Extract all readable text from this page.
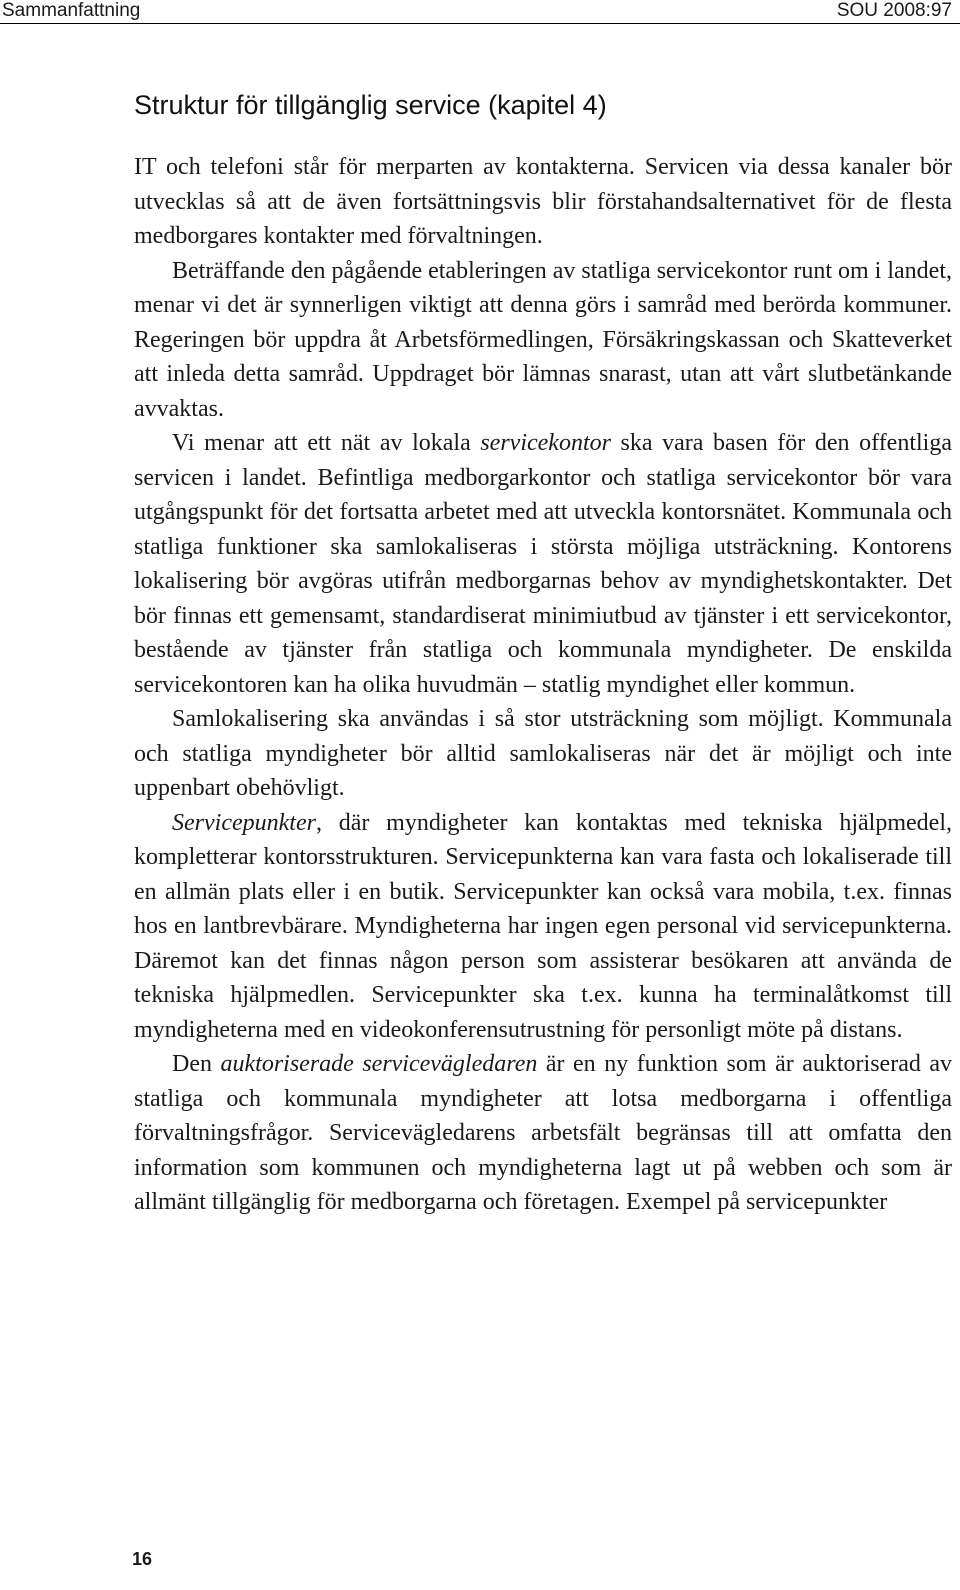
Sammanfattning	SOU 2008:97
Struktur för tillgänglig service (kapitel 4)

IT och telefoni står för merparten av kontakterna. Servicen via dessa kanaler bör utvecklas så att de även fortsättningsvis blir förstahandsalternativet för de flesta medborgares kontakter med förvaltningen.

Beträffande den pågående etableringen av statliga servicekontor runt om i landet, menar vi det är synnerligen viktigt att denna görs i samråd med berörda kommuner. Regeringen bör uppdra åt Arbetsförmedlingen, Försäkringskassan och Skatteverket att inleda detta samråd. Uppdraget bör lämnas snarast, utan att vårt slutbetänkande avvaktas.

Vi menar att ett nät av lokala servicekontor ska vara basen för den offentliga servicen i landet. Befintliga medborgarkontor och statliga servicekontor bör vara utgångspunkt för det fortsatta arbetet med att utveckla kontorsnätet. Kommunala och statliga funktioner ska samlokaliseras i största möjliga utsträckning. Kontorens lokalisering bör avgöras utifrån medborgarnas behov av myndighetskontakter. Det bör finnas ett gemensamt, standardiserat minimiutbud av tjänster i ett servicekontor, bestående av tjänster från statliga och kommunala myndigheter. De enskilda servicekontoren kan ha olika huvudmän – statlig myndighet eller kommun.

Samlokalisering ska användas i så stor utsträckning som möjligt. Kommunala och statliga myndigheter bör alltid samlokaliseras när det är möjligt och inte uppenbart obehövligt.

Servicepunkter, där myndigheter kan kontaktas med tekniska hjälpmedel, kompletterar kontorsstrukturen. Servicepunkterna kan vara fasta och lokaliserade till en allmän plats eller i en butik. Servicepunkter kan också vara mobila, t.ex. finnas hos en lantbrevbärare. Myndigheterna har ingen egen personal vid servicepunkterna. Däremot kan det finnas någon person som assisterar besökaren att använda de tekniska hjälpmedlen. Servicepunkter ska t.ex. kunna ha terminalåtkomst till myndigheterna med en videokonferensutrustning för personligt möte på distans.

Den auktoriserade servicevägledaren är en ny funktion som är auktoriserad av statliga och kommunala myndigheter att lotsa medborgarna i offentliga förvaltningsfrågor. Servicevägledarens arbetsfält begränsas till att omfatta den information som kommunen och myndigheterna lagt ut på webben och som är allmänt tillgänglig för medborgarna och företagen. Exempel på servicepunkter

16
